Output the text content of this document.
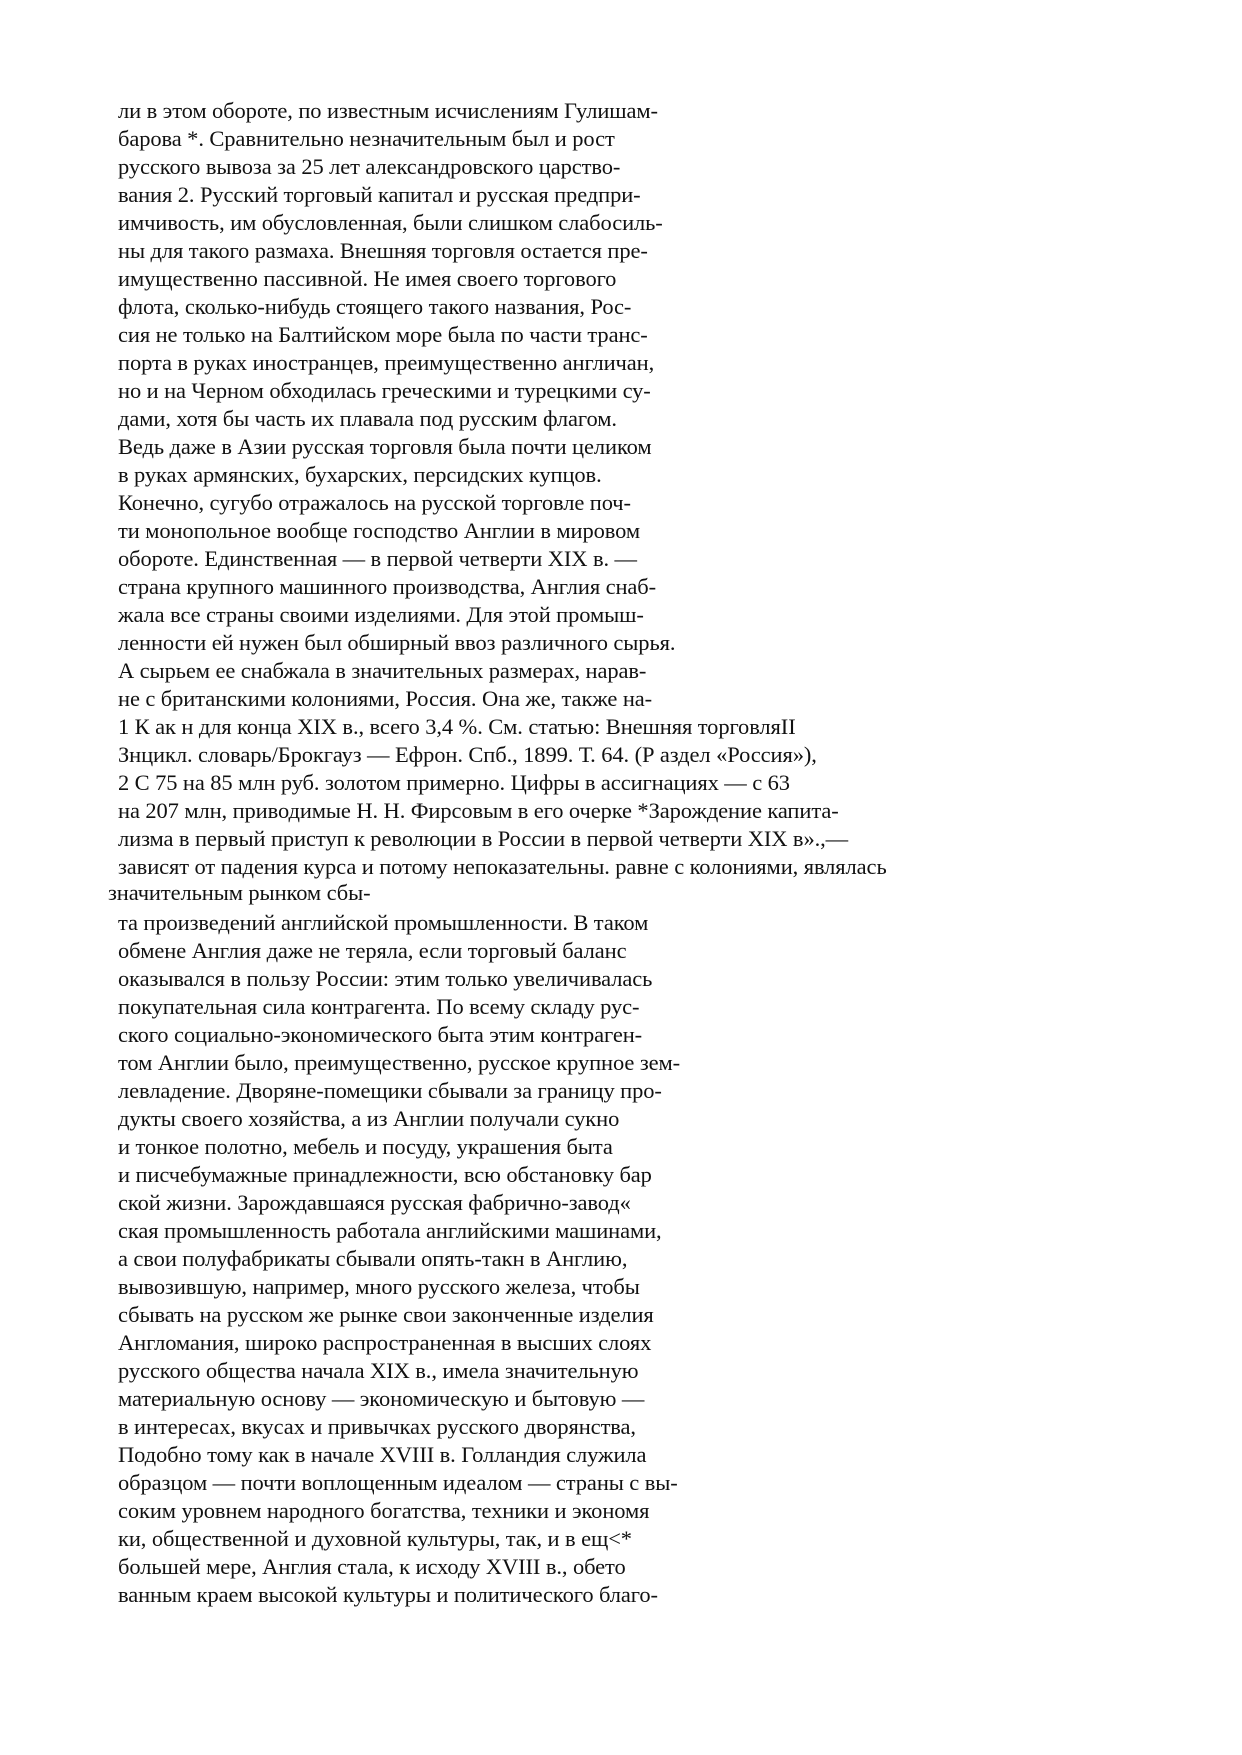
ли в этом обороте, по известным исчислениям Гулишам-
барова *. Сравнительно незначительным был и рост
русского вывоза за 25 лет александровского царство-
вания 2. Русский торговый капитал и русская предпри-
имчивость, им обусловленная, были слишком слабосиль-
ны для такого размаха. Внешняя торговля остается пре-
имущественно пассивной. Не имея своего торгового
флота, сколько-нибудь стоящего такого названия, Рос-
сия не только на Балтийском море была по части транс-
порта в руках иностранцев, преимущественно англичан,
но и на Черном обходилась греческими и турецкими су-
дами, хотя бы часть их плавала под русским флагом.
Ведь даже в Азии русская торговля была почти целиком
в руках армянских, бухарских, персидских купцов.
Конечно, сугубо отражалось на русской торговле поч-
ти монопольное вообще господство Англии в мировом
обороте. Единственная — в первой четверти XIX в. —
страна крупного машинного производства, Англия снаб-
жала все страны своими изделиями. Для этой промыш-
ленности ей нужен был обширный ввоз различного сырья.
А сырьем ее снабжала в значительных размерах, нарав-
не с британскими колониями, Россия. Она же, также на-
1 К ак н для конца XIX в., всего 3,4 %. См. статью: Внешняя торговляII
Знцикл. словарь/Брокгауз — Ефрон. Спб., 1899. Т. 64. (Р аздел «Россия»),
2 С 75 на 85 млн руб. золотом примерно. Цифры в ассигнациях — с 63
на 207 млн, приводимые Н. Н. Фирсовым в его очерке *Зарождение капита-
лизма в первый приступ к революции в России в первой четверти XIX в».,—
зависят от падения курса и потому непоказательны. равне с колониями, являлась
значительным рынком сбы-
та произведений английской промышленности. В таком
обмене Англия даже не теряла, если торговый баланс
оказывался в пользу России: этим только увеличивалась
покупательная сила контрагента. По всему складу рус-
ского социально-экономического быта этим контраген-
том Англии было, преимущественно, русское крупное зем-
левладение. Дворяне-помещики сбывали за границу про-
дукты своего хозяйства, а из Англии получали сукно
и тонкое полотно, мебель и посуду, украшения быта
и писчебумажные принадлежности, всю обстановку бар
ской жизни. Зарождавшаяся русская фабрично-завод«
ская промышленность работала английскими машинами,
а свои полуфабрикаты сбывали опять-такн в Англию,
вывозившую, например, много русского железа, чтобы
сбывать на русском же рынке свои законченные изделия
Англомания, широко распространенная в высших слоях
русского общества начала XIX в., имела значительную
материальную основу — экономическую и бытовую —
в интересах, вкусах и привычках русского дворянства,
Подобно тому как в начале XVIII в. Голландия служила
образцом — почти воплощенным идеалом — страны с вы-
соким уровнем народного богатства, техники и экономя
ки, общественной и духовной культуры, так, и в ещ<*
большей мере, Англия стала, к исходу XVIII в., обето
ванным краем высокой культуры и политического благо-
